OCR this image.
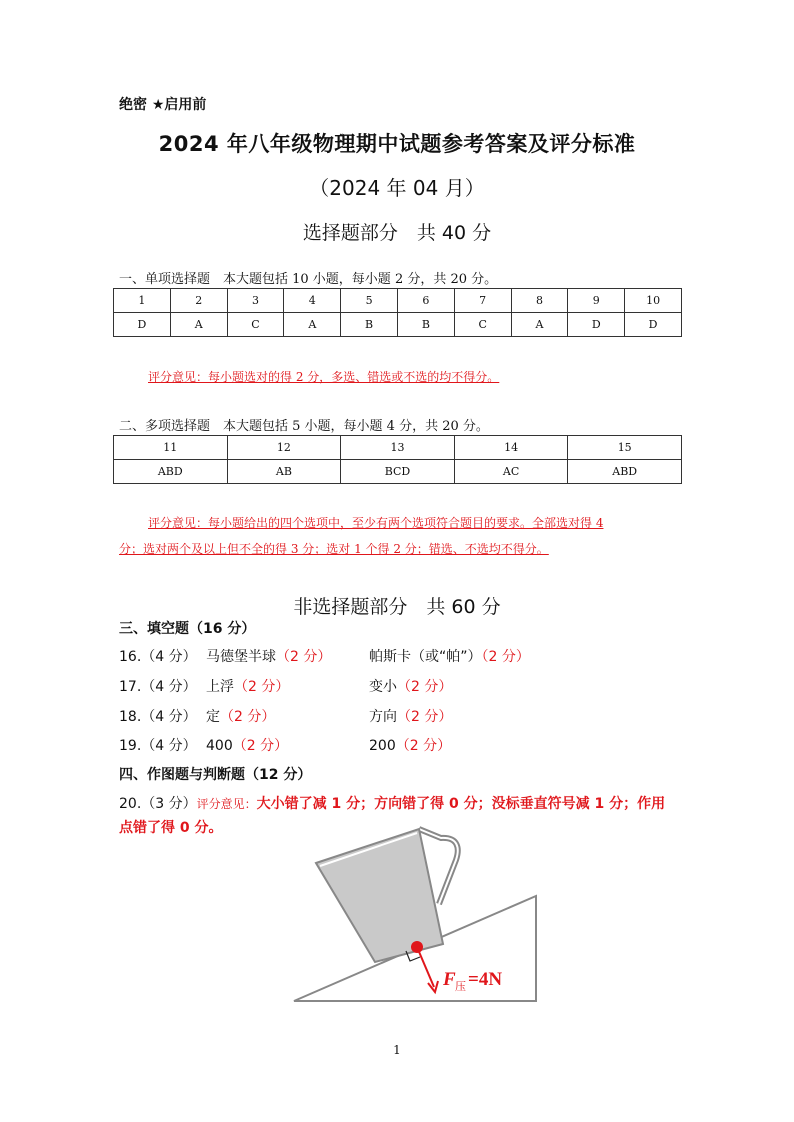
绝密 ★启用前
2024 年八年级物理期中试题参考答案及评分标准
（2024 年 04 月）
选择题部分　共 40 分
一、单项选择题　本大题包括 10 小题，每小题 2 分，共 20 分。
1	2	3	4	5	6	7	8	9	10
D	A	C	A	B	B	C	A	D	D
评分意见：每小题选对的得 2 分，多选、错选或不选的均不得分。
二、多项选择题　本大题包括 5 小题，每小题 4 分，共 20 分。
11	12	13	14	15
ABD	AB	BCD	AC	ABD
评分意见：每小题给出的四个选项中，至少有两个选项符合题目的要求。全部选对得 4
分；选对两个及以上但不全的得 3 分；选对 1 个得 2 分；错选、不选均不得分。
非选择题部分　共 60 分
三、填空题（16 分）
16.（4 分） 马德堡半球（2 分）	帕斯卡（或“帕”）（2 分）
17.（4 分） 上浮（2 分）	变小（2 分）
18.（4 分） 定（2 分）	方向（2 分）
19.（4 分） 400（2 分）	200（2 分）
四、作图题与判断题（12 分）
20.（3 分）评分意见：大小错了减 1 分；方向错了得 0 分；没标垂直符号减 1 分；作用
点错了得 0 分。
F 压 =4N
1
